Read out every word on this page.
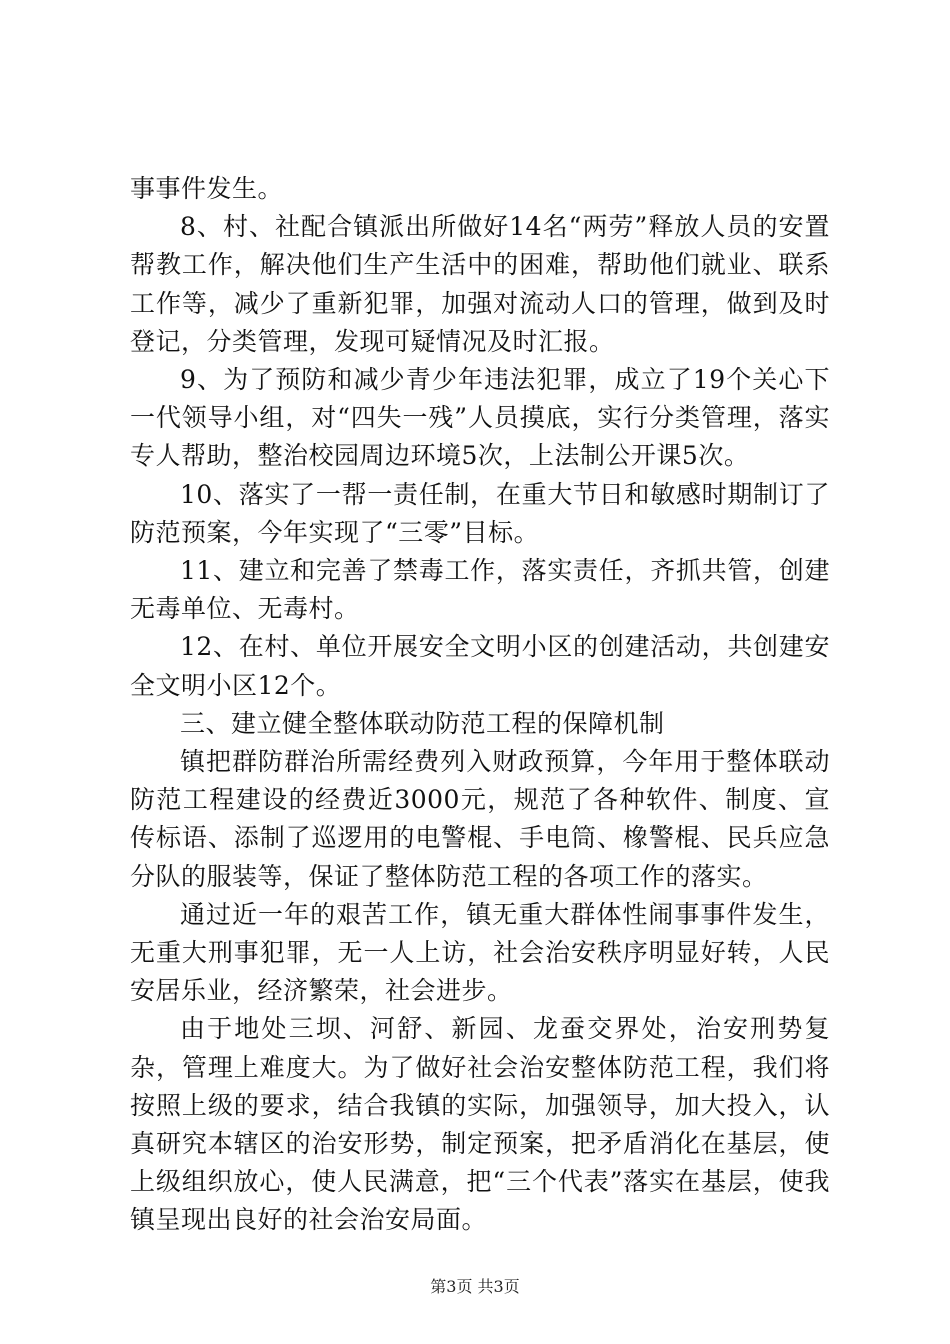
事事件发生。

8、村、社配合镇派出所做好14名“两劳”释放人员的安置帮教工作，解决他们生产生活中的困难，帮助他们就业、联系工作等，减少了重新犯罪，加强对流动人口的管理，做到及时登记，分类管理，发现可疑情况及时汇报。

9、为了预防和减少青少年违法犯罪，成立了19个关心下一代领导小组，对“四失一残”人员摸底，实行分类管理，落实专人帮助，整治校园周边环境5次，上法制公开课5次。

10、落实了一帮一责任制，在重大节日和敏感时期制订了防范预案，今年实现了“三零”目标。

11、建立和完善了禁毒工作，落实责任，齐抓共管，创建无毒单位、无毒村。

12、在村、单位开展安全文明小区的创建活动，共创建安全文明小区12个。

三、建立健全整体联动防范工程的保障机制

镇把群防群治所需经费列入财政预算，今年用于整体联动防范工程建设的经费近3000元，规范了各种软件、制度、宣传标语、添制了巡逻用的电警棍、手电筒、橡警棍、民兵应急分队的服装等，保证了整体防范工程的各项工作的落实。

通过近一年的艰苦工作，镇无重大群体性闹事事件发生，无重大刑事犯罪，无一人上访，社会治安秩序明显好转，人民安居乐业，经济繁荣，社会进步。

由于地处三坝、河舒、新园、龙蚕交界处，治安刑势复杂，管理上难度大。为了做好社会治安整体防范工程，我们将按照上级的要求，结合我镇的实际，加强领导，加大投入，认真研究本辖区的治安形势，制定预案，把矛盾消化在基层，使上级组织放心，使人民满意，把“三个代表”落实在基层，使我镇呈现出良好的社会治安局面。

第3页 共3页
